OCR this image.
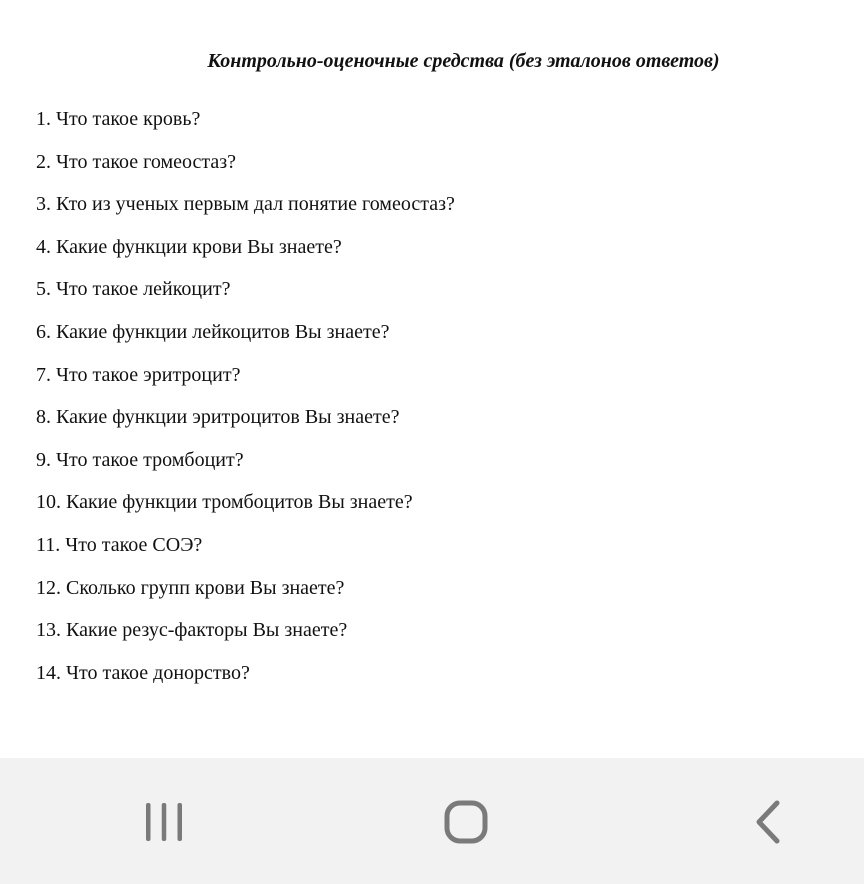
Контрольно-оценочные средства (без эталонов ответов)
1. Что такое кровь?
2. Что такое гомеостаз?
3. Кто из ученых первым дал понятие гомеостаз?
4. Какие функции крови Вы знаете?
5. Что такое лейкоцит?
6. Какие функции лейкоцитов Вы знаете?
7. Что такое эритроцит?
8. Какие функции эритроцитов Вы знаете?
9. Что такое тромбоцит?
10. Какие функции тромбоцитов Вы знаете?
11. Что такое СОЭ?
12. Сколько групп крови Вы знаете?
13. Какие резус-факторы Вы знаете?
14. Что такое донорство?
